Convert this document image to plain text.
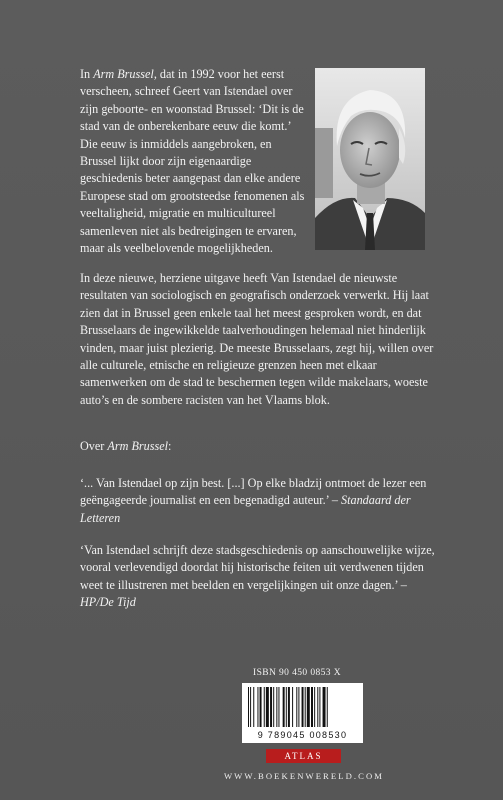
In Arm Brussel, dat in 1992 voor het eerst verscheen, schreef Geert van Istendael over zijn geboorte- en woonstad Brussel: ‘Dit is de stad van de onberekenbare eeuw die komt.’ Die eeuw is inmiddels aangebroken, en Brussel lijkt door zijn eigenaardige geschiedenis beter aangepast dan elke andere Europese stad om grootsteedse fenomenen als veeltaligheid, migratie en multicultureel samenleven niet als bedreigingen te ervaren, maar als veelbelovende mogelijkheden.

In deze nieuwe, herziene uitgave heeft Van Istendael de nieuwste resultaten van sociologisch en geografisch onderzoek verwerkt. Hij laat zien dat in Brussel geen enkele taal het meest gesproken wordt, en dat Brusselaars de ingewikkelde taalverhoudingen helemaal niet hinderlijk vinden, maar juist plezierig. De meeste Brusselaars, zegt hij, willen over alle culturele, etnische en religieuze grenzen heen met elkaar samenwerken om de stad te beschermen tegen wilde makelaars, woeste auto’s en de sombere racisten van het Vlaams blok.

Over Arm Brussel:

‘... Van Istendael op zijn best. [...] Op elke bladzij ontmoet de lezer een geëngageerde journalist en een begenadigd auteur.’ – Standaard der Letteren

‘Van Istendael schrijft deze stadsgeschiedenis op aanschouwelijke wijze, vooral verlevendigd doordat hij historische feiten uit verdwenen tijden weet te illustreren met beelden en vergelijkingen uit onze dagen.’ – HP/De Tijd

ISBN 90 450 0853 X
9 789045 008530
ATLAS
WWW.BOEKENWERELD.COM
